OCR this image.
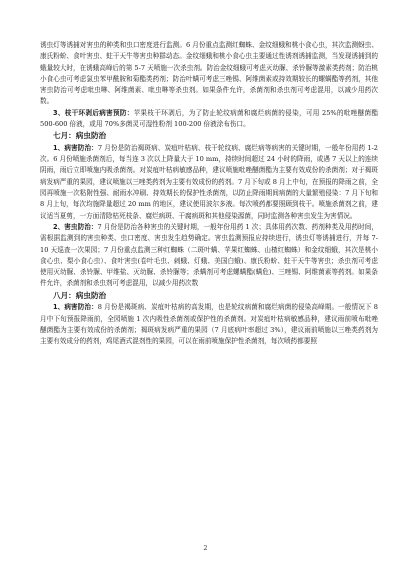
诱虫灯等诱捕对害虫的种类和虫口密度进行监测。6 月份重点监测红蜘蛛、金纹细蛾和桃小食心虫，其次监测蚜虫、康氏粉蚧、食叶害虫、蛀干天牛等害虫种群动态。金纹细蛾和桃小食心虫主要通过性诱剂诱捕监测，当发现诱捕到的蛾量较大时，在诱蛾高峰后的第 5-7 天喷施一次杀虫剂。防治金纹细蛾可考虑灭幼脲、杀铃脲等激素类药剂；防治桃小食心虫可考虑氯虫苯甲酰胺和菊酯类药剂；防治叶螨可考虑三唑锡、阿维菌素或持效期较长的螺螨酯等药剂，其他害虫防治可考虑吡虫啉、阿维菌素、吡虫啉等杀虫剂。如果条件允许，杀菌剂和杀虫剂可考虑混用，以减少用药次数。

3、枝干环剥后病害预防：苹果枝干环剥后，为了防止轮纹病菌和腐烂病菌的侵染，可用 25%的吡唑醚菌酯 500-600 倍液，或用 70%多菌灵可湿性粉剂 100-200 倍液涂布伤口。

七月：病虫防治

1、病害防治：7 月份是防治褐斑病、炭疽叶枯病、枝干轮纹病、腐烂病等病害的关键时期，一般年份用药 1-2 次。6 月份喷施杀菌剂后，每当连 3 次以上降量大于 10 mm，持续时间超过 24 小时的降雨，或遇 7 天以上的连续阴雨，雨后立即喷施内吸杀菌剂。对炭疽叶枯病敏感品种，建议喷施吡唑醚菌酯为主要有效成份的杀菌剂；对于褐斑病发病严重的果园，建议喷施以三唑类药剂为主要有效成份的药剂。7 月下旬或 8 月上中旬，在预报的降雨之前，全园再喷施一次粘附性强、耐雨水冲刷、持效期长的保护性杀菌剂，以防止降雨期间病菌的大量繁殖侵染：7 月下旬和 8 月上旬，每次均施降量超过 20 mm 的地区，建议使用波尔多液。每次喷药都要照顾到枝干。喷施杀菌剂之前，建议适当夏剪，一方面清除枯死枝条、腐烂病斑、干腐病斑和其他侵染源菌，同时监测各种害虫发生为害情况。

2、害虫防治：7 月份是防治各种害虫的关键时期，一般年份用药 1 次；具体用药次数、药剂种类及用药时间，需根据监测到的害虫种类、虫口密度、害虫发生趋势确定。害虫监测预报应持续进行，诱虫灯等诱捕进行，并每 7-10 天巡查一次果园；7 月份重点监测三种红蜘蛛（二斑叶螨、苹果红蜘蛛、山楂红蜘蛛）和金纹细蛾，其次是桃小食心虫、梨小食心虫）、食叶害虫(卷叶毛虫、刺蛾、灯蛾、美国白蛾)、康氏粉蚧、蛀干天牛等害虫；杀虫剂可考虑使用灭幼脲、杀铃脲、甲维盐、灭幼脲、杀铃脲等；杀螨剂可考虑螺螨酯(螨危)、三唑锡、阿维菌素等药剂。如果条件允许，杀菌剂和杀虫剂可考虑混用，以减少用药次数

八月：病虫防治

1、病害防治：8 月份是褐斑病、炭疽叶枯病的高发期，也是轮纹病菌和腐烂病菌的侵染高峰期。一般情况下 8 月中下旬预报降雨前，全园喷施 1 次内吸性杀菌剂或保护性的杀菌剂。对炭疽叶枯病敏感品种，建议雨前喷布吡唑醚菌酯为主要有效成份的杀菌剂；褐斑病发病严重的果园（7 月底病叶率超过 3%），建议雨前喷施以三唑类药剂为主要有效成分的药剂，鸡尾酒式混剂性的果园，可以在雨前喷施保护性杀菌剂，每次喷药都要照

2
